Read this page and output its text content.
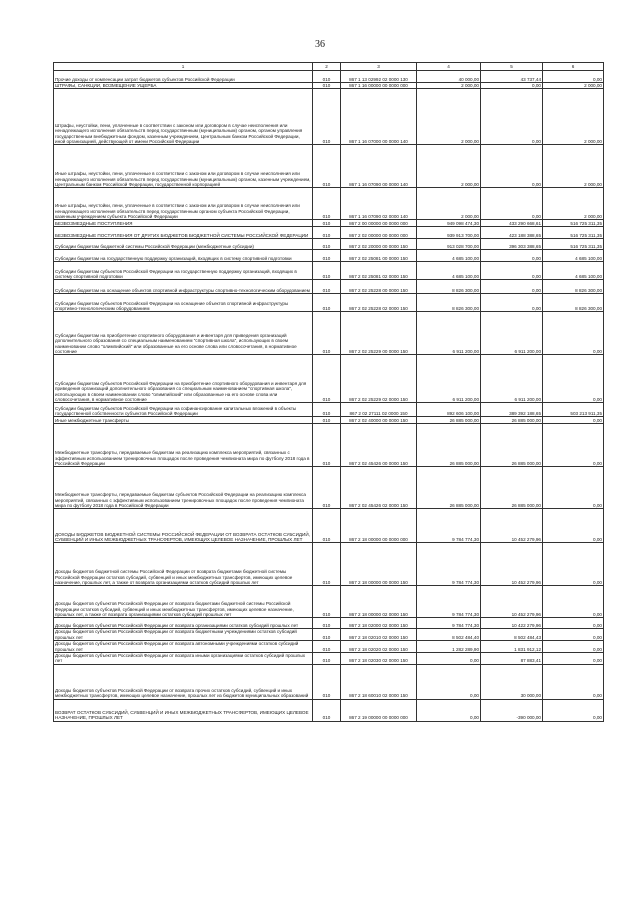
36
1	2	3	4	5	6
Прочие доходы от компенсации затрат бюджетов субъектов Российской Федерации	010	867 1 13 02992 02 0000 130	40 000,00	43 737,44	0,00
ШТРАФЫ, САНКЦИИ, ВОЗМЕЩЕНИЕ УЩЕРБА	010	867 1 16 00000 00 0000 000	2 000,00	0,00	2 000,00
Штрафы, неустойки, пени, уплаченные в соответствии с законом или договором в случае неисполнения или ненадлежащего исполнения обязательств перед государственным (муниципальным) органом, органом управления государственным внебюджетным фондом, казенным учреждением, Центральным банком Российской Федерации, иной организацией, действующей от имени Российской Федерации	010	867 1 16 07000 00 0000 140	2 000,00	0,00	2 000,00
Иные штрафы, неустойки, пени, уплаченные в соответствии с законом или договором в случае неисполнения или ненадлежащего исполнения обязательств перед государственным (муниципальным) органом, казенным учреждением, Центральным банком Российской Федерации, государственной корпорацией	010	867 1 16 07090 00 0000 140	2 000,00	0,00	2 000,00
Иные штрафы, неустойки, пени, уплаченные в соответствии с законом или договором в случае неисполнения или ненадлежащего исполнения обязательств перед государственным органом субъекта Российской Федерации, казенным учреждением субъекта Российской Федерации	010	867 1 16 07090 02 0000 140	2 000,00	0,00	2 000,00
БЕЗВОЗМЕЗДНЫЕ ПОСТУПЛЕНИЯ	010	867 2 00 00000 00 0000 000	949 098 474,30	433 290 668,61	516 725 311,35
БЕЗВОЗМЕЗДНЫЕ ПОСТУПЛЕНИЯ ОТ ДРУГИХ БЮДЖЕТОВ БЮДЖЕТНОЙ СИСТЕМЫ РОССИЙСКОЙ ФЕДЕРАЦИИ	010	867 2 02 00000 00 0000 000	939 913 700,00	423 188 388,65	516 725 311,35
Субсидии бюджетам бюджетной системы Российской Федерации (межбюджетные субсидии)	010	867 2 02 20000 00 0000 150	913 028 700,00	396 303 388,65	516 725 311,35
Субсидии бюджетам на государственную поддержку организаций, входящих в систему спортивной подготовки	010	867 2 02 25081 00 0000 150	4 685 100,00	0,00	4 685 100,00
Субсидии бюджетам субъектов Российской Федерации на государственную поддержку организаций, входящих в систему спортивной подготовки	010	867 2 02 25081 02 0000 150	4 685 100,00	0,00	4 685 100,00
Субсидии бюджетам на оснащение объектов спортивной инфраструктуры спортивно-технологическим оборудованием	010	867 2 02 25228 00 0000 150	8 826 300,00	0,00	8 826 300,00
Субсидии бюджетам субъектов Российской Федерации на оснащение объектов спортивной инфраструктуры спортивно-технологическим оборудованием	010	867 2 02 25228 02 0000 150	8 826 300,00	0,00	8 826 300,00
Субсидии бюджетам на приобретение спортивного оборудования и инвентаря для приведения организаций дополнительного образования со специальным наименованием "спортивная школа", использующих в своем наименовании слово "олимпийский" или образованные на его основе слова или словосочетания, в нормативное состояние	010	867 2 02 25229 00 0000 150	6 911 200,00	6 911 200,00	0,00
Субсидии бюджетам субъектов Российской Федерации на приобретение спортивного оборудования и инвентаря для приведения организаций дополнительного образования со специальным наименованием "спортивная школа", использующих в своем наименовании слово "олимпийский" или образованные на его основе слова или словосочетания, в нормативное состояние	010	867 2 02 25229 02 0000 150	6 911 200,00	6 911 200,00	0,00
Субсидии бюджетам субъектов Российской Федерации на софинансирование капитальных вложений в объекты государственной собственности субъектов Российской Федерации	010	867 2 02 27111 02 0000 150	892 606 100,00	389 392 188,65	503 213 911,35
Иные межбюджетные трансферты	010	867 2 02 40000 00 0000 150	26 885 000,00	26 885 000,00	0,00
Межбюджетные трансферты, передаваемые бюджетам на реализацию комплекса мероприятий, связанных с эффективным использованием тренировочных площадок после проведения чемпионата мира по футболу 2018 года в Российской Федерации	010	867 2 02 45426 00 0000 150	26 885 000,00	26 885 000,00	0,00
Межбюджетные трансферты, передаваемые бюджетам субъектов Российской Федерации на реализацию комплекса мероприятий, связанных с эффективным использованием тренировочных площадок после проведения чемпионата мира по футболу 2018 года в Российской Федерации	010	867 2 02 45426 02 0000 150	26 885 000,00	26 885 000,00	0,00
ДОХОДЫ БЮДЖЕТОВ БЮДЖЕТНОЙ СИСТЕМЫ РОССИЙСКОЙ ФЕДЕРАЦИИ ОТ ВОЗВРАТА ОСТАТКОВ СУБСИДИЙ, СУБВЕНЦИЙ И ИНЫХ МЕЖБЮДЖЕТНЫХ ТРАНСФЕРТОВ, ИМЕЮЩИХ ЦЕЛЕВОЕ НАЗНАЧЕНИЕ, ПРОШЛЫХ ЛЕТ	010	867 2 18 00000 00 0000 000	9 784 774,30	10 452 279,96	0,00
Доходы бюджетов бюджетной системы Российской Федерации от возврата бюджетами бюджетной системы Российской Федерации остатков субсидий, субвенций и иных межбюджетных трансфертов, имеющих целевое назначение, прошлых лет, а также от возврата организациями остатков субсидий прошлых лет	010	867 2 18 00000 00 0000 150	9 784 774,30	10 452 279,96	0,00
Доходы бюджетов субъектов Российской Федерации от возврата бюджетами бюджетной системы Российской Федерации остатков субсидий, субвенций и иных межбюджетных трансфертов, имеющих целевое назначение, прошлых лет, а также от возврата организациями остатков субсидий прошлых лет	010	867 2 18 00000 02 0000 150	9 784 774,30	10 452 279,96	0,00
Доходы бюджетов субъектов Российской Федерации от возврата организациями остатков субсидий прошлых лет	010	867 2 18 02000 02 0000 150	9 784 774,30	10 422 279,96	0,00
Доходы бюджетов субъектов Российской Федерации от возврата бюджетными учреждениями остатков субсидий прошлых лет	010	867 2 18 02010 02 0000 150	8 502 484,40	8 502 484,43	0,00
Доходы бюджетов субъектов Российской Федерации от возврата автономными учреждениями остатков субсидий прошлых лет	010	867 2 18 02020 02 0000 150	1 282 289,90	1 831 912,12	0,00
Доходы бюджетов субъектов Российской Федерации от возврата иными организациями остатков субсидий прошлых лет	010	867 2 18 02030 02 0000 150	0,00	87 883,41	0,00
Доходы бюджетов субъектов Российской Федерации от возврата прочих остатков субсидий, субвенций и иных межбюджетных трансфертов, имеющих целевое назначение, прошлых лет из бюджетов муниципальных образований	010	867 2 18 60010 02 0000 150	0,00	30 000,00	0,00
ВОЗВРАТ ОСТАТКОВ СУБСИДИЙ, СУБВЕНЦИЙ И ИНЫХ МЕЖБЮДЖЕТНЫХ ТРАНСФЕРТОВ, ИМЕЮЩИХ ЦЕЛЕВОЕ НАЗНАЧЕНИЕ, ПРОШЛЫХ ЛЕТ	010	867 2 19 00000 00 0000 000	0,00	-390 000,00	0,00
